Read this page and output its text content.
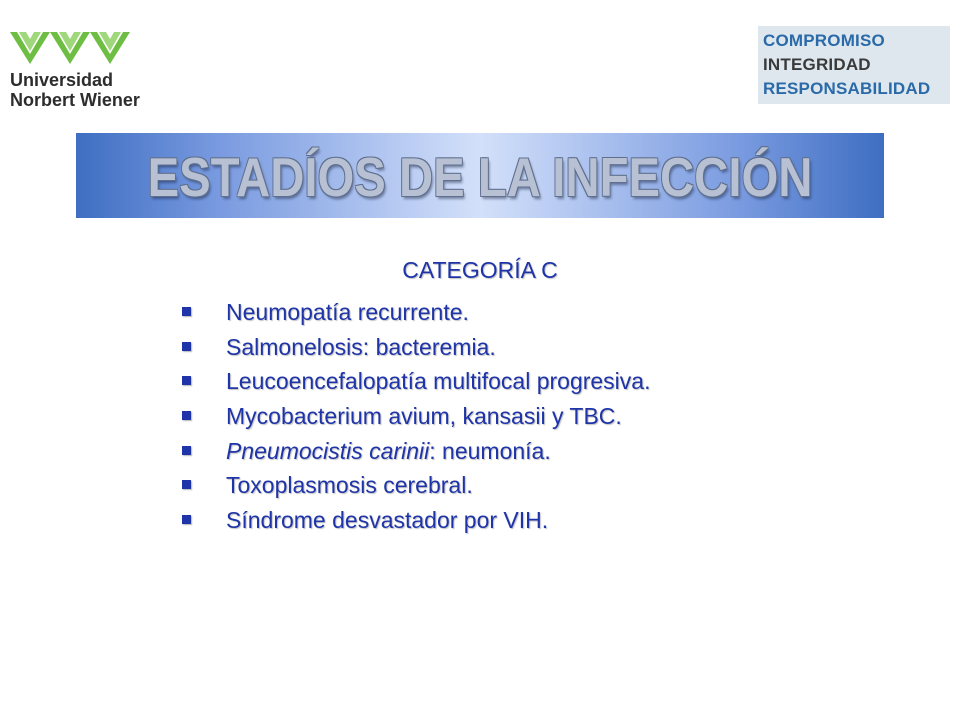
Universidad
Norbert Wiener
COMPROMISO
INTEGRIDAD
RESPONSABILIDAD
ESTADÍOS DE LA INFECCIÓN
CATEGORÍA C
Neumopatía recurrente.
Salmonelosis: bacteremia.
Leucoencefalopatía multifocal progresiva.
Mycobacterium avium, kansasii y TBC.
Pneumocistis carinii: neumonía.
Toxoplasmosis cerebral.
Síndrome desvastador por VIH.
